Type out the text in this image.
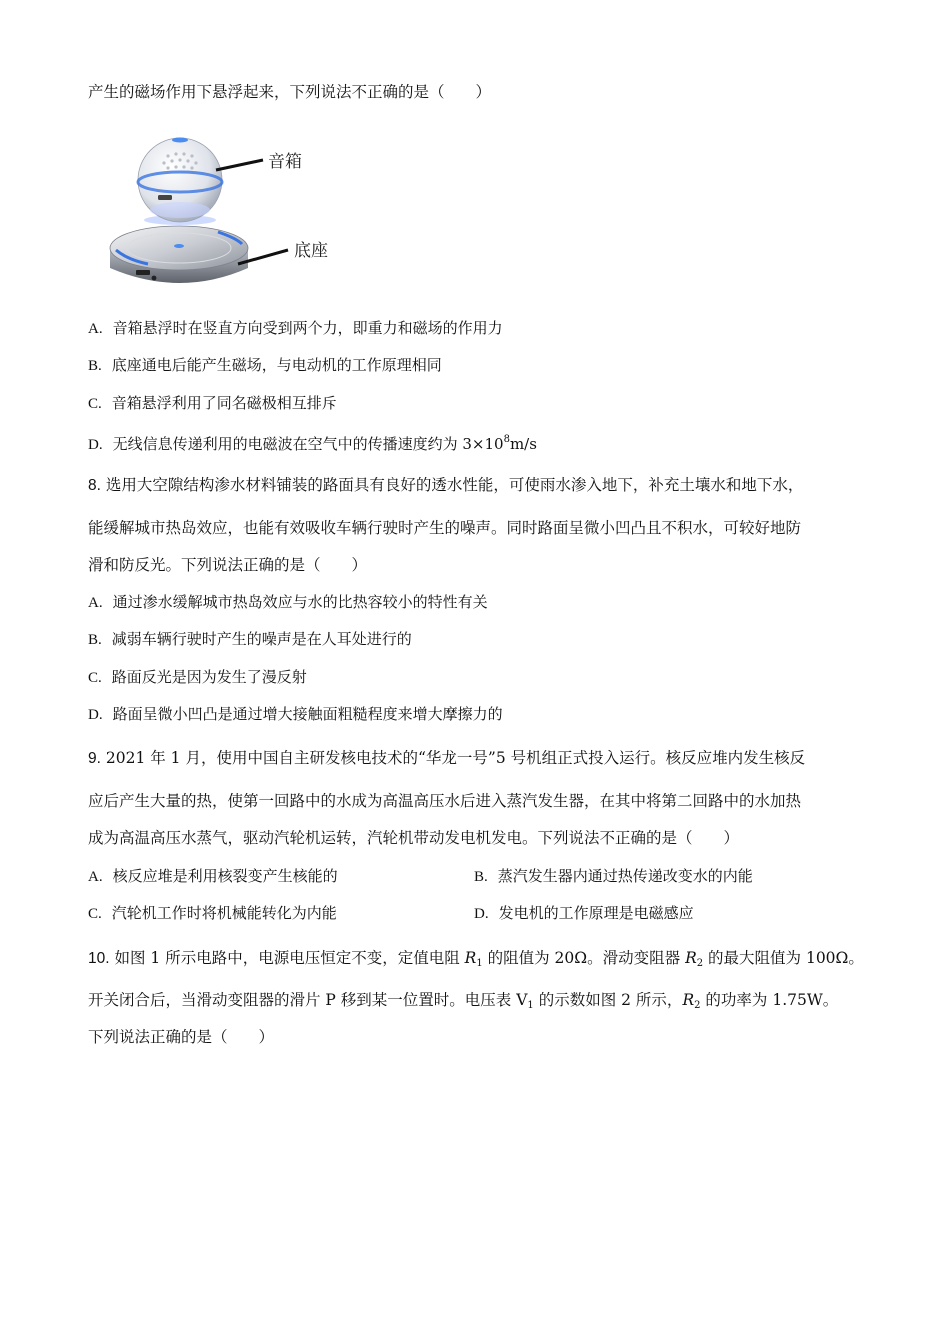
产生的磁场作用下悬浮起来，下列说法不正确的是（　　）
音箱
底座
A. 音箱悬浮时在竖直方向受到两个力，即重力和磁场的作用力
B. 底座通电后能产生磁场，与电动机的工作原理相同
C. 音箱悬浮利用了同名磁极相互排斥
D. 无线信息传递利用的电磁波在空气中的传播速度约为 $3\times 10^8m/s$
8. 选用大空隙结构渗水材料铺装的路面具有良好的透水性能，可使雨水渗入地下，补充土壤水和地下水，
能缓解城市热岛效应，也能有效吸收车辆行驶时产生的噪声。同时路面呈微小凹凸且不积水，可较好地防
滑和防反光。下列说法正确的是（　　）
A. 通过渗水缓解城市热岛效应与水的比热容较小的特性有关
B. 减弱车辆行驶时产生的噪声是在人耳处进行的
C. 路面反光是因为发生了漫反射
D. 路面呈微小凹凸是通过增大接触面粗糙程度来增大摩擦力的
9. 2021 年 1 月，使用中国自主研发核电技术的“华龙一号”5 号机组正式投入运行。核反应堆内发生核反
应后产生大量的热，使第一回路中的水成为高温高压水后进入蒸汽发生器，在其中将第二回路中的水加热
成为高温高压水蒸气，驱动汽轮机运转，汽轮机带动发电机发电。下列说法不正确的是（　　）
A. 核反应堆是利用核裂变产生核能的	B. 蒸汽发生器内通过热传递改变水的内能
C. 汽轮机工作时将机械能转化为内能	D. 发电机的工作原理是电磁感应
10. 如图 1 所示电路中，电源电压恒定不变，定值电阻 $R_1$ 的阻值为 20Ω。滑动变阻器 $R_2$ 的最大阻值为 100Ω。
开关闭合后，当滑动变阻器的滑片 P 移到某一位置时。电压表 $V_1$ 的示数如图 2 所示，$R_2$ 的功率为 1.75W。
下列说法正确的是（　　）
